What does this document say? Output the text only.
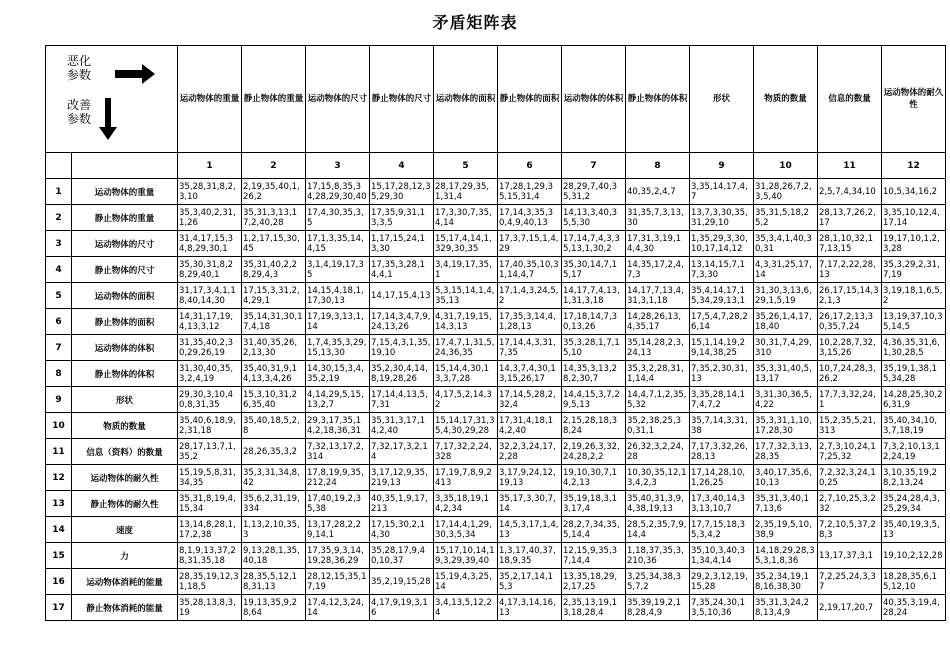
矛盾矩阵表
恶化
参数
改善
参数		运动物体的重量	静止物体的重量	运动物体的尺寸	静止物体的尺寸	运动物体的面积	静止物体的面积	运动物体的体积	静止物体的体积	形状	物质的数量	信息的数量	运动物体的耐久性
		1	2	3	4	5	6	7	8	9	10	11	12
1	运动物体的重量	35,28,31,8,2,3,10	2,19,35,40,1,26,2	17,15,8,35,34,28,29,30,40	15,17,28,12,35,29,30	28,17,29,35,1,31,4	17,28,1,29,35,15,31,4	28,29,7,40,35,31,2	40,35,2,4,7	3,35,14,17,4,7	31,28,26,7,2,3,5,40	2,5,7,4,34,10	10,5,34,16,2
2	静止物体的重量	35,3,40,2,31,1,26	35,31,3,13,17,2,40,28	17,4,30,35,3,5	17,35,9,31,13,3,5	17,3,30,7,35,4,14	17,14,3,35,30,4,9,40,13	14,13,3,40,35,5,30	31,35,7,3,13,30	13,7,3,30,35,31,29,10	35,31,5,18,25,2	28,13,7,26,2,17	3,35,10,12,4,17,14
3	运动物体的尺寸	31,4,17,15,34,8,29,30,1	1,2,17,15,30,45	17,1,3,35,14,4,15	1,17,15,24,13,30	15,17,4,14,1,329,30,35	17,3,7,15,1,4,29	17,14,7,4,3,35,13,1,30,2	17,31,3,19,14,4,30	1,35,29,3,30,10,17,14,12	35,3,4,1,40,30,31	28,1,10,32,17,13,15	19,17,10,1,2,3,28
4	静止物体的尺寸	35,30,31,8,28,29,40,1	35,31,40,2,28,29,4,3	3,1,4,19,17,35	17,35,3,28,14,4,1	3,4,19,17,35,1	17,40,35,10,31,14,4,7	35,30,14,7,15,17	14,35,17,2,4,7,3	13,14,15,7,17,3,30	4,3,31,25,17,14	7,17,2,22,28,13	35,3,29,2,31,7,19
5	运动物体的面积	31,17,3,4,1,18,40,14,30	17,15,3,31,2,4,29,1	14,15,4,18,1,17,30,13	14,17,15,4,13	5,3,15,14,1,4,35,13	17,1,4,3,24,5,2	14,17,7,4,13,1,31,3,18	14,17,7,13,4,31,3,1,18	35,4,14,17,15,34,29,13,1	31,30,3,13,6,29,1,5,19	26,17,15,14,32,1,3	3,19,18,1,6,5,2
6	静止物体的面积	14,31,17,19,4,13,3,12	35,14,31,30,17,4,18	17,19,3,13,1,14	17,14,3,4,7,9,24,13,26	4,31,7,19,15,14,3,13	17,35,3,14,4,1,28,13	17,18,14,7,30,13,26	14,28,26,13,4,35,17	17,5,4,7,28,26,14	35,26,1,4,17,18,40	26,17,2,13,30,35,7,24	13,19,37,10,35,14,5
7	运动物体的体积	31,35,40,2,30,29,26,19	31,40,35,26,2,13,30	1,7,4,35,3,29,15,13,30	7,15,4,3,1,35,19,10	17,4,7,1,31,5,24,36,35	17,14,4,3,31,7,35	35,3,28,1,7,15,10	35,14,28,2,3,24,13	15,1,14,19,29,14,38,25	30,31,7,4,29,310	10,2,28,7,32,3,15,26	4,36,35,31,6,1,30,28,5
8	静止物体的体积	31,30,40,35,3,2,4,19	35,40,31,9,14,13,3,4,26	14,30,15,3,4,35,2,19	35,2,30,4,14,8,19,28,26	15,14,4,30,13,3,7,28	14,3,7,4,30,13,15,26,17	14,35,3,13,28,2,30,7	35,3,2,28,31,1,14,4	7,35,2,30,31,13	35,3,31,40,5,13,17	10,7,24,28,3,26,2	35,19,1,38,15,34,28
9	形状	29,30,3,10,40,8,31,35	15,3,10,31,26,35,40	4,14,29,5,15,13,2,7	17,14,4,13,5,7,31	4,17,5,2,14,32	17,14,5,28,2,32,4	14,4,15,3,7,29,5,13	14,4,7,1,2,35,5,32	3,35,28,14,17,4,7,2	3,31,30,36,5,4,22	17,7,3,32,24,1	14,28,25,30,26,31,9
10	物质的数量	35,40,6,18,9,2,31,18	35,40,18,5,2,8	29,3,17,35,14,2,18,36,31	35,31,3,17,14,2,40	15,14,17,31,35,4,30,29,28	17,31,4,18,14,2,40	2,15,28,18,38,24	35,2,38,25,30,31,1	35,7,14,3,31,38	35,3,31,1,10,17,28,30	15,2,35,5,21,313	35,40,34,10,3,7,18,19
11	信息（资料）的数量	28,17,13,7,1,35,2	28,26,35,3,2	7,32,13,17,2,314	7,32,17,3,2,14	7,17,32,2,24,328	32,2,3,24,17,2,28	2,19,26,3,32,24,28,2,2	26,32,3,2,24,28	7,17,3,32,26,28,13	17,7,32,3,13,28,35	2,7,3,10,24,17,25,32	7,3,2,10,13,12,24,19
12	运动物体的耐久性	15,19,5,8,31,34,35	35,3,31,34,8,42	17,8,19,9,35,212,24	3,17,12,9,35,219,13	17,19,7,8,9,2413	3,17,9,24,12,19,13	19,10,30,7,14,2,13	10,30,35,12,13,4,2,3	17,14,28,10,1,26,25	3,40,17,35,6,10,13	7,2,32,3,24,10,25	3,10,35,19,28,2,13,24
13	静止物体的耐久性	35,31,8,19,4,15,34	35,6,2,31,19,334	17,40,19,2,35,38	40,35,1,9,17,213	3,35,18,19,14,2,34	35,17,3,30,7,14	35,19,18,3,13,17,4	35,40,31,3,9,4,38,19,13	17,3,40,14,33,13,10,7	35,31,3,40,17,13,6	2,7,10,25,3,232	35,24,28,4,3,25,29,34
14	速度	13,14,8,28,1,17,2,38	1,13,2,10,35,3	13,17,28,2,29,14,1	17,15,30,2,14,30	17,14,4,1,29,30,3,5,34	14,5,3,17,1,4,13	28,2,7,34,35,5,14,4	28,5,2,35,7,9,14,4	17,7,15,18,35,3,4,2	2,35,19,5,10,38,9	7,2,10,5,37,28,3	35,40,19,3,5,13
15	力	8,1,9,13,37,28,31,35,18	9,13,28,1,35,40,18	17,35,9,3,14,19,28,36,29	35,28,17,9,40,10,37	15,17,10,14,19,3,29,39,40	1,3,17,40,37,18,9,35	12,15,9,35,37,14,4	1,18,37,35,3,210,36	35,10,3,40,31,34,4,14	14,18,29,28,35,3,1,8,36	13,17,37,3,1	19,10,2,12,28
16	运动物体消耗的能量	28,35,19,12,31,18,5	28,35,5,12,18,31,13	28,12,15,35,17,19	35,2,19,15,28	15,19,4,3,25,14	35,2,17,14,15,3	13,35,18,29,2,17,25	3,25,34,38,35,7,2	29,2,3,12,19,15,28	35,2,34,19,18,16,38,30	7,2,25,24,3,37	18,28,35,6,15,12,10
17	静止物体消耗的能量	35,28,13,8,3,19	19,13,35,9,28,64	17,4,12,3,24,14	4,17,9,19,3,16	3,4,13,5,12,24	4,17,3,14,16,13	2,35,13,19,13,18,28,4	35,39,19,2,18,28,4,9	7,35,24,30,13,5,10,36	35,31,3,24,28,13,4,9	2,19,17,20,7	40,35,3,19,4,28,24
